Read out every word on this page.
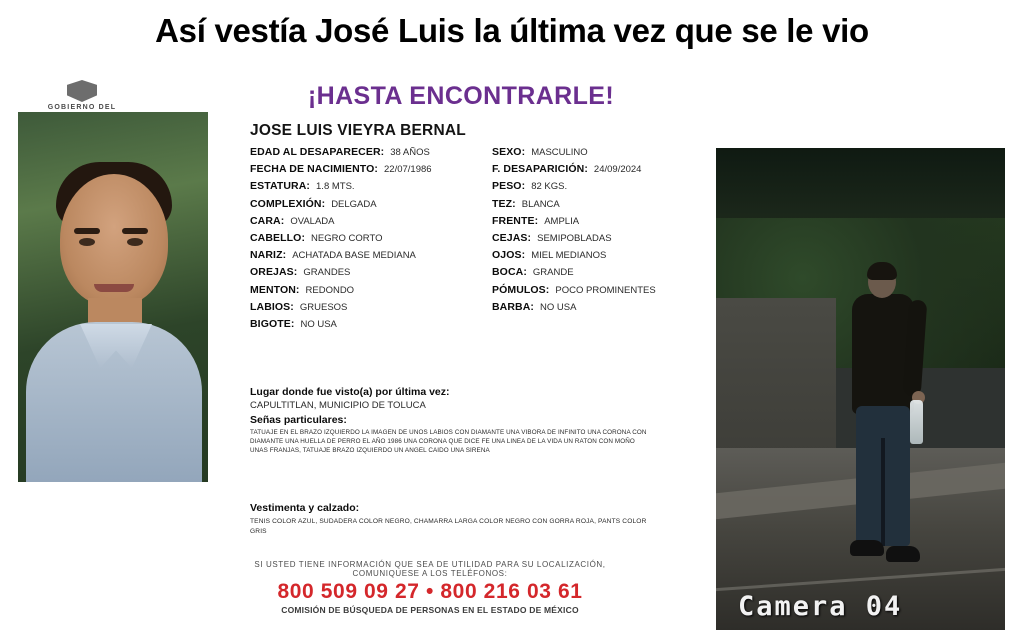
Así vestía José Luis la última vez que se le vio
GOBIERNO DEL	¡HASTA ENCONTRARLE!
JOSE LUIS VIEYRA BERNAL
EDAD AL DESAPARECER: 38 AÑOS	SEXO: MASCULINO
FECHA DE NACIMIENTO: 22/07/1986	F. DESAPARICIÓN: 24/09/2024
ESTATURA: 1.8 MTS.	PESO: 82 KGS.
COMPLEXIÓN: DELGADA	TEZ: BLANCA
CARA: OVALADA	FRENTE: AMPLIA
CABELLO: NEGRO CORTO	CEJAS: SEMIPOBLADAS
NARIZ: ACHATADA BASE MEDIANA	OJOS: MIEL MEDIANOS
OREJAS: GRANDES	BOCA: GRANDE
MENTON: REDONDO	PÓMULOS: POCO PROMINENTES
LABIOS: GRUESOS	BARBA: NO USA
BIGOTE: NO USA
Lugar donde fue visto(a) por última vez:
CAPULTITLAN, MUNICIPIO DE TOLUCA
Señas particulares:
TATUAJE EN EL BRAZO IZQUIERDO LA IMAGEN DE UNOS LABIOS CON DIAMANTE UNA VIBORA DE INFINITO UNA CORONA CON DIAMANTE UNA HUELLA DE PERRO EL AÑO 1986 UNA CORONA QUE DICE FE UNA LINEA DE LA VIDA UN RATON CON MOÑO UNAS FRANJAS, TATUAJE BRAZO IZQUIERDO UN ANGEL CAIDO UNA SIRENA
Vestimenta y calzado:
TENIS COLOR AZUL, SUDADERA COLOR NEGRO, CHAMARRA LARGA COLOR NEGRO CON GORRA ROJA, PANTS COLOR GRIS
SI USTED TIENE INFORMACIÓN QUE SEA DE UTILIDAD PARA SU LOCALIZACIÓN,
COMUNIQUESE A LOS TELÉFONOS:
800 509 09 27 • 800 216 03 61
COMISIÓN DE BÚSQUEDA DE PERSONAS EN EL ESTADO DE MÉXICO	Camera 04
